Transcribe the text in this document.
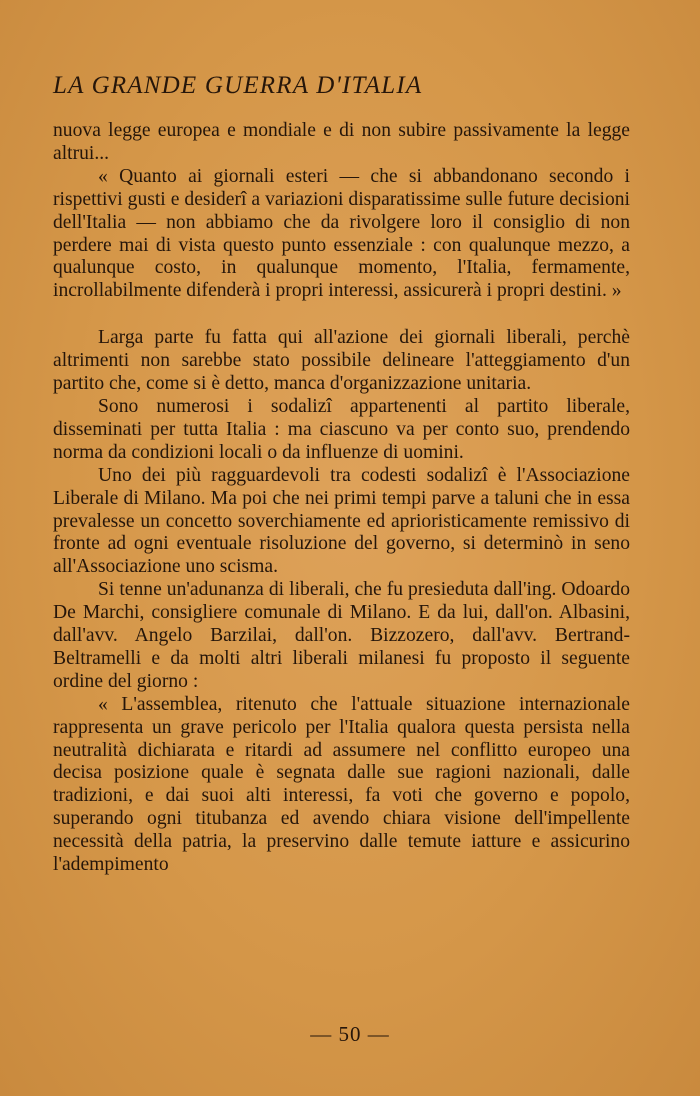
LA GRANDE GUERRA D'ITALIA

nuova legge europea e mondiale e di non subire passivamente la legge altrui...

« Quanto ai giornali esteri — che si abbandonano secondo i rispettivi gusti e desiderî a variazioni disparatissime sulle future decisioni dell'Italia — non abbiamo che da rivolgere loro il consiglio di non perdere mai di vista questo punto essenziale : con qualunque mezzo, a qualunque costo, in qualunque momento, l'Italia, fermamente, incrollabilmente difenderà i propri interessi, assicurerà i propri destini. »

Larga parte fu fatta qui all'azione dei giornali liberali, perchè altrimenti non sarebbe stato possibile delineare l'atteggiamento d'un partito che, come si è detto, manca d'organizzazione unitaria.

Sono numerosi i sodalizî appartenenti al partito liberale, disseminati per tutta Italia : ma ciascuno va per conto suo, prendendo norma da condizioni locali o da influenze di uomini.

Uno dei più ragguardevoli tra codesti sodalizî è l'Associazione Liberale di Milano. Ma poi che nei primi tempi parve a taluni che in essa prevalesse un concetto soverchiamente ed aprioristicamente remissivo di fronte ad ogni eventuale risoluzione del governo, si determinò in seno all'Associazione uno scisma.

Si tenne un'adunanza di liberali, che fu presieduta dall'ing. Odoardo De Marchi, consigliere comunale di Milano. E da lui, dall'on. Albasini, dall'avv. Angelo Barzilai, dall'on. Bizzozero, dall'avv. Bertrand-Beltramelli e da molti altri liberali milanesi fu proposto il seguente ordine del giorno :

« L'assemblea, ritenuto che l'attuale situazione internazionale rappresenta un grave pericolo per l'Italia qualora questa persista nella neutralità dichiarata e ritardi ad assumere nel conflitto europeo una decisa posizione quale è segnata dalle sue ragioni nazionali, dalle tradizioni, e dai suoi alti interessi, fa voti che governo e popolo, superando ogni titubanza ed avendo chiara visione dell'impellente necessità della patria, la preservino dalle temute iatture e assicurino l'adempimento

— 50 —
